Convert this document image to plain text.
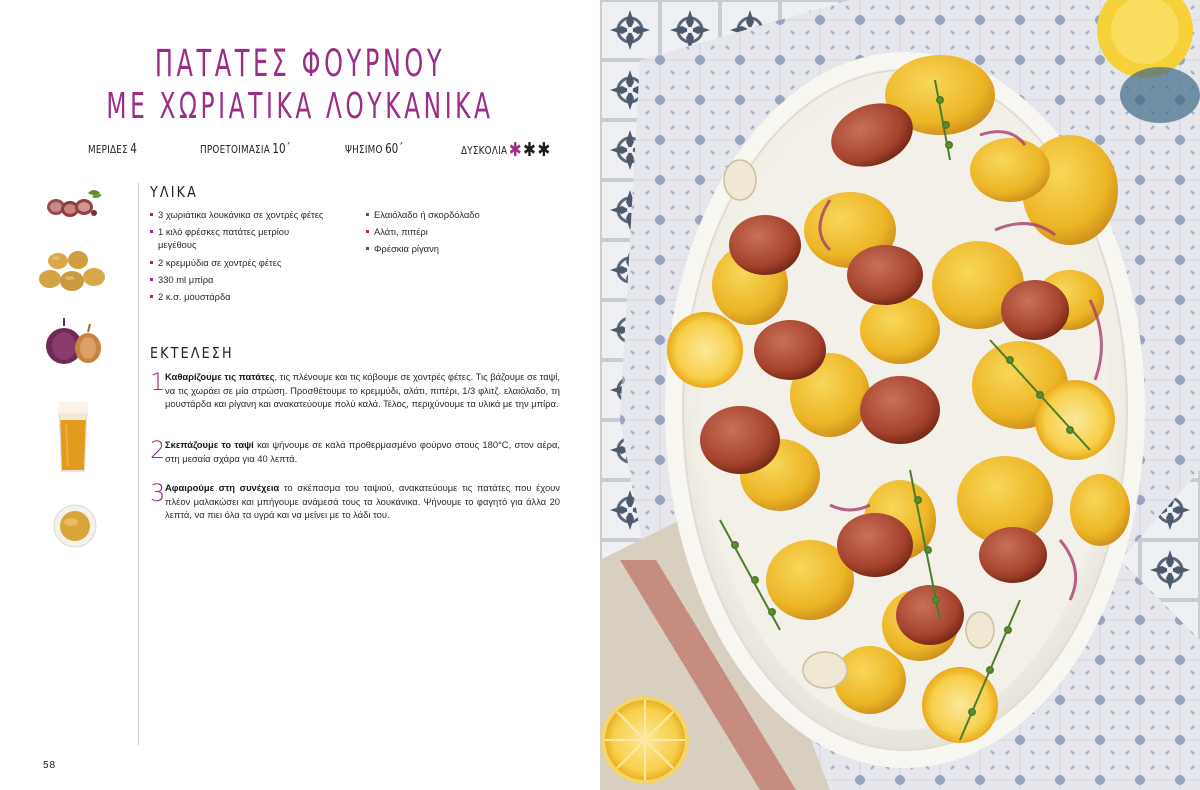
ΠΑΤΑΤΕΣ ΦΟΥΡΝΟΥ
ΜΕ ΧΩΡΙΑΤΙΚΑ ΛΟΥΚΑΝΙΚΑ
ΜΕΡΙΔΕΣ 4	ΠΡΟΕΤΟΙΜΑΣΙΑ 10΄	ΨΗΣΙΜΟ 60΄	ΔΥΣΚΟΛΙΑ✱✱✱
ΥΛΙΚΑ
3 χωριάτικα λουκάνικα σε χοντρές φέτες
1 κιλό φρέσκες πατάτες μετρίου μεγέθους
2 κρεμμύδια σε χοντρές φέτες
330 ml μπίρα
2 κ.σ. μουστάρδα
Ελαιόλαδο ή σκορδόλαδο
Αλάτι, πιπέρι
Φρέσκια ρίγανη
ΕΚΤΕΛΕΣΗ
1 Καθαρίζουμε τις πατάτες, τις πλένουμε και τις κόβουμε σε χοντρές φέτες. Τις βάζουμε σε ταψί, να τις χωράει σε μία στρώση. Προσθέτουμε το κρεμμύδι, αλάτι, πιπέρι, 1/3 φλιτζ. ελαιόλαδο, τη μουστάρδα και ρίγανη και ανακατεύουμε πολύ καλά. Τέλος, περιχύνουμε τα υλικά με την μπίρα.

2 Σκεπάζουμε το ταψί και ψήνουμε σε καλά προθερμασμένο φούρνο στους 180°C, στον αέρα, στη μεσαία σχάρα για 40 λεπτά.

3 Αφαιρούμε στη συνέχεια το σκέπασμα του ταψιού, ανακατεύουμε τις πατάτες που έχουν πλέον μαλακώσει και μπήγουμε ανάμεσά τους τα λουκάνικα. Ψήνουμε το φαγητό για άλλα 20 λεπτά, να πιει όλα τα υγρά και να μείνει με το λάδι του.

58
